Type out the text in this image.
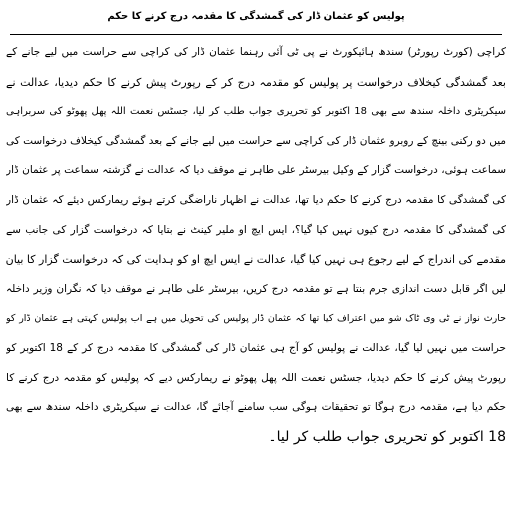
پولیس کو عثمان ڈار کی گمشدگی کا مقدمہ درج کرنے کا حکم
کراچی (کورٹ رپورٹر) سندھ ہائیکورٹ نے پی ٹی آئی رہنما عثمان ڈار کی کراچی سے حراست میں لیے جانے کے
بعد گمشدگی کیخلاف درخواست پر پولیس کو مقدمہ درج کر کے رپورٹ پیش کرنے کا حکم دیدیا، عدالت نے
سیکریٹری داخلہ سندھ سے بھی 18 اکتوبر کو تحریری جواب طلب کر لیا، جسٹس نعمت اللہ پھل پھوٹو کی سربراہی
میں دو رکنی بینچ کے روبرو عثمان ڈار کی کراچی سے حراست میں لیے جانے کے بعد گمشدگی کیخلاف درخواست کی
سماعت ہوئی، درخواست گزار کے وکیل بیرسٹر علی طاہر نے موقف دیا کہ عدالت نے گزشتہ سماعت پر عثمان ڈار
کی گمشدگی کا مقدمہ درج کرنے کا حکم دیا تھا، عدالت نے اظہار ناراضگی کرتے ہوئے ریمارکس دیئے کہ عثمان ڈار
کی گمشدگی کا مقدمہ درج کیوں نہیں کیا گیا؟، ایس ایچ او ملیر کینٹ نے بتایا کہ درخواست گزار کی جانب سے
مقدمے کی اندراج کے لیے رجوع ہی نہیں کیا گیا، عدالت نے ایس ایچ او کو ہدایت کی کہ درخواست گزار کا بیان
لیں اگر قابل دست اندازی جرم بنتا ہے تو مقدمہ درج کریں، بیرسٹر علی طاہر نے موقف دیا کہ نگران وزیر داخلہ
حارث نواز نے ٹی وی ٹاک شو میں اعتراف کیا تھا کہ عثمان ڈار پولیس کی تحویل میں ہے اب پولیس کہتی ہے عثمان ڈار کو
حراست میں نہیں لیا گیا، عدالت نے پولیس کو آج ہی عثمان ڈار کی گمشدگی کا مقدمہ درج کر کے 18 اکتوبر کو
رپورٹ پیش کرنے کا حکم دیدیا، جسٹس نعمت اللہ پھل پھوٹو نے ریمارکس دیے کہ پولیس کو مقدمہ درج کرنے کا
حکم دیا ہے، مقدمہ درج ہوگا تو تحقیقات ہوگی سب سامنے آجائے گا، عدالت نے سیکریٹری داخلہ سندھ سے بھی
18 اکتوبر کو تحریری جواب طلب کر لیا۔
